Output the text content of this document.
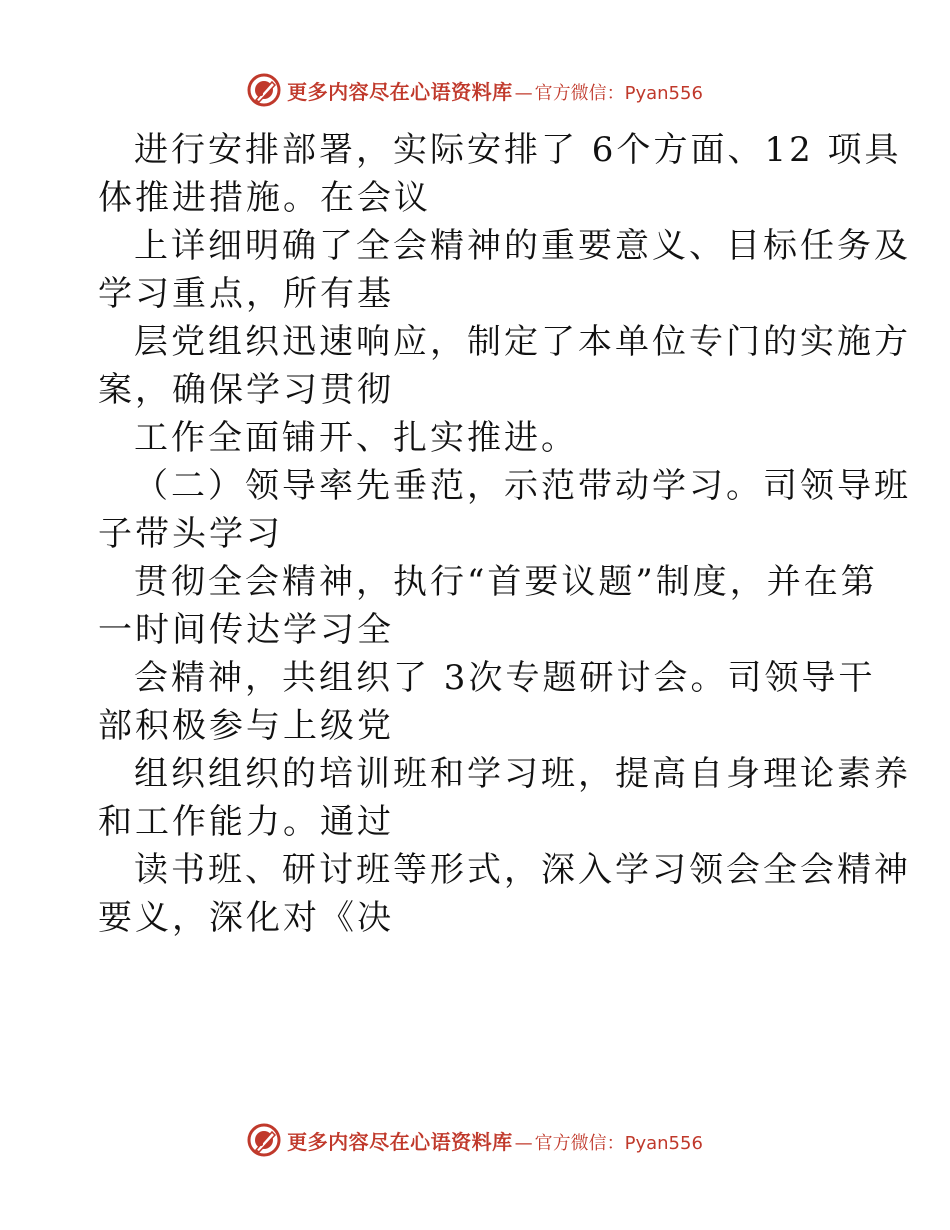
更多内容尽在心语资料库 — 官方微信：Pyan556
进行安排部署，实际安排了 6个方面、12 项具
体推进措施。在会议
上详细明确了全会精神的重要意义、目标任务及
学习重点，所有基
层党组织迅速响应，制定了本单位专门的实施方
案，确保学习贯彻
工作全面铺开、扎实推进。
（二）领导率先垂范，示范带动学习。司领导班
子带头学习
贯彻全会精神，执行“首要议题”制度，并在第
一时间传达学习全
会精神，共组织了 3次专题研讨会。司领导干
部积极参与上级党
组织组织的培训班和学习班，提高自身理论素养
和工作能力。通过
读书班、研讨班等形式，深入学习领会全会精神
要义，深化对《决
更多内容尽在心语资料库 — 官方微信：Pyan556
